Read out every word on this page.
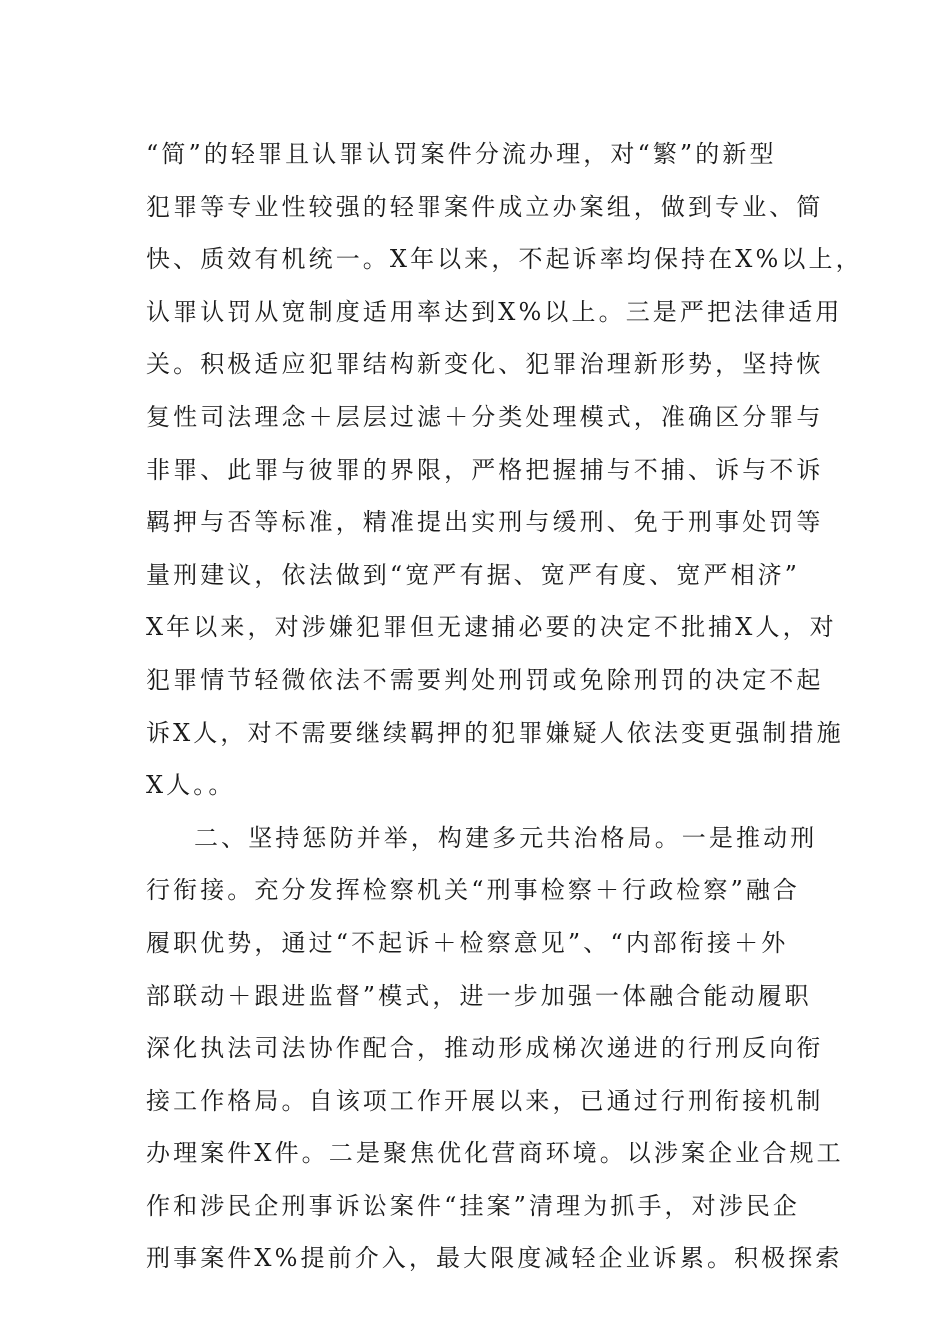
“简”的轻罪且认罪认罚案件分流办理，对“繁”的新型
犯罪等专业性较强的轻罪案件成立办案组，做到专业、简
快、质效有机统一。X年以来，不起诉率均保持在X%以上，
认罪认罚从宽制度适用率达到X%以上。三是严把法律适用
关。积极适应犯罪结构新变化、犯罪治理新形势，坚持恢
复性司法理念＋层层过滤＋分类处理模式，准确区分罪与
非罪、此罪与彼罪的界限，严格把握捕与不捕、诉与不诉
羁押与否等标准，精准提出实刑与缓刑、免于刑事处罚等
量刑建议，依法做到“宽严有据、宽严有度、宽严相济”
X年以来，对涉嫌犯罪但无逮捕必要的决定不批捕X人，对
犯罪情节轻微依法不需要判处刑罚或免除刑罚的决定不起
诉X人，对不需要继续羁押的犯罪嫌疑人依法变更强制措施
X人。。
二、坚持惩防并举，构建多元共治格局。一是推动刑
行衔接。充分发挥检察机关“刑事检察＋行政检察”融合
履职优势，通过“不起诉＋检察意见”、“内部衔接＋外
部联动＋跟进监督”模式，进一步加强一体融合能动履职
深化执法司法协作配合，推动形成梯次递进的行刑反向衔
接工作格局。自该项工作开展以来，已通过行刑衔接机制
办理案件X件。二是聚焦优化营商环境。以涉案企业合规工
作和涉民企刑事诉讼案件“挂案”清理为抓手，对涉民企
刑事案件X%提前介入，最大限度减轻企业诉累。积极探索
